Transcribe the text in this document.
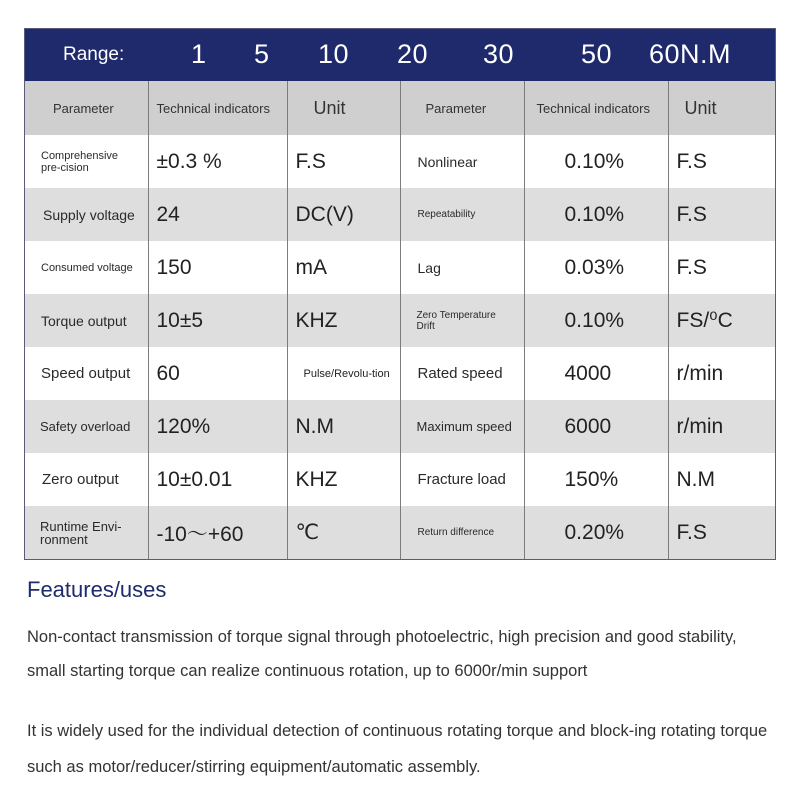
Range: 1 5 10 20 30 50 60N.M
Parameter	Technical indicators	Unit	Parameter	Technical indicators	Unit
Comprehensive pre-cision	±0.3 %	F.S	Nonlinear	0.10%	F.S
Supply voltage	24	DC(V)	Repeatability	0.10%	F.S
Consumed voltage	150	mA	Lag	0.03%	F.S
Torque output	10±5	KHZ	Zero Temperature Drift	0.10%	FS/⁰C
Speed output	60	Pulse/Revolu-tion	Rated speed	4000	r/min
Safety overload	120%	N.M	Maximum speed	6000	r/min
Zero output	10±0.01	KHZ	Fracture load	150%	N.M
Runtime Envi-ronment	-10～+60	℃	Return difference	0.20%	F.S
Features/uses
Non-contact transmission of torque signal through photoelectric, high precision and good stability, small starting torque can realize continuous rotation, up to 6000r/min support
It is widely used for the individual detection of continuous rotating torque and block-ing rotating torque such as motor/reducer/stirring equipment/automatic assembly.
